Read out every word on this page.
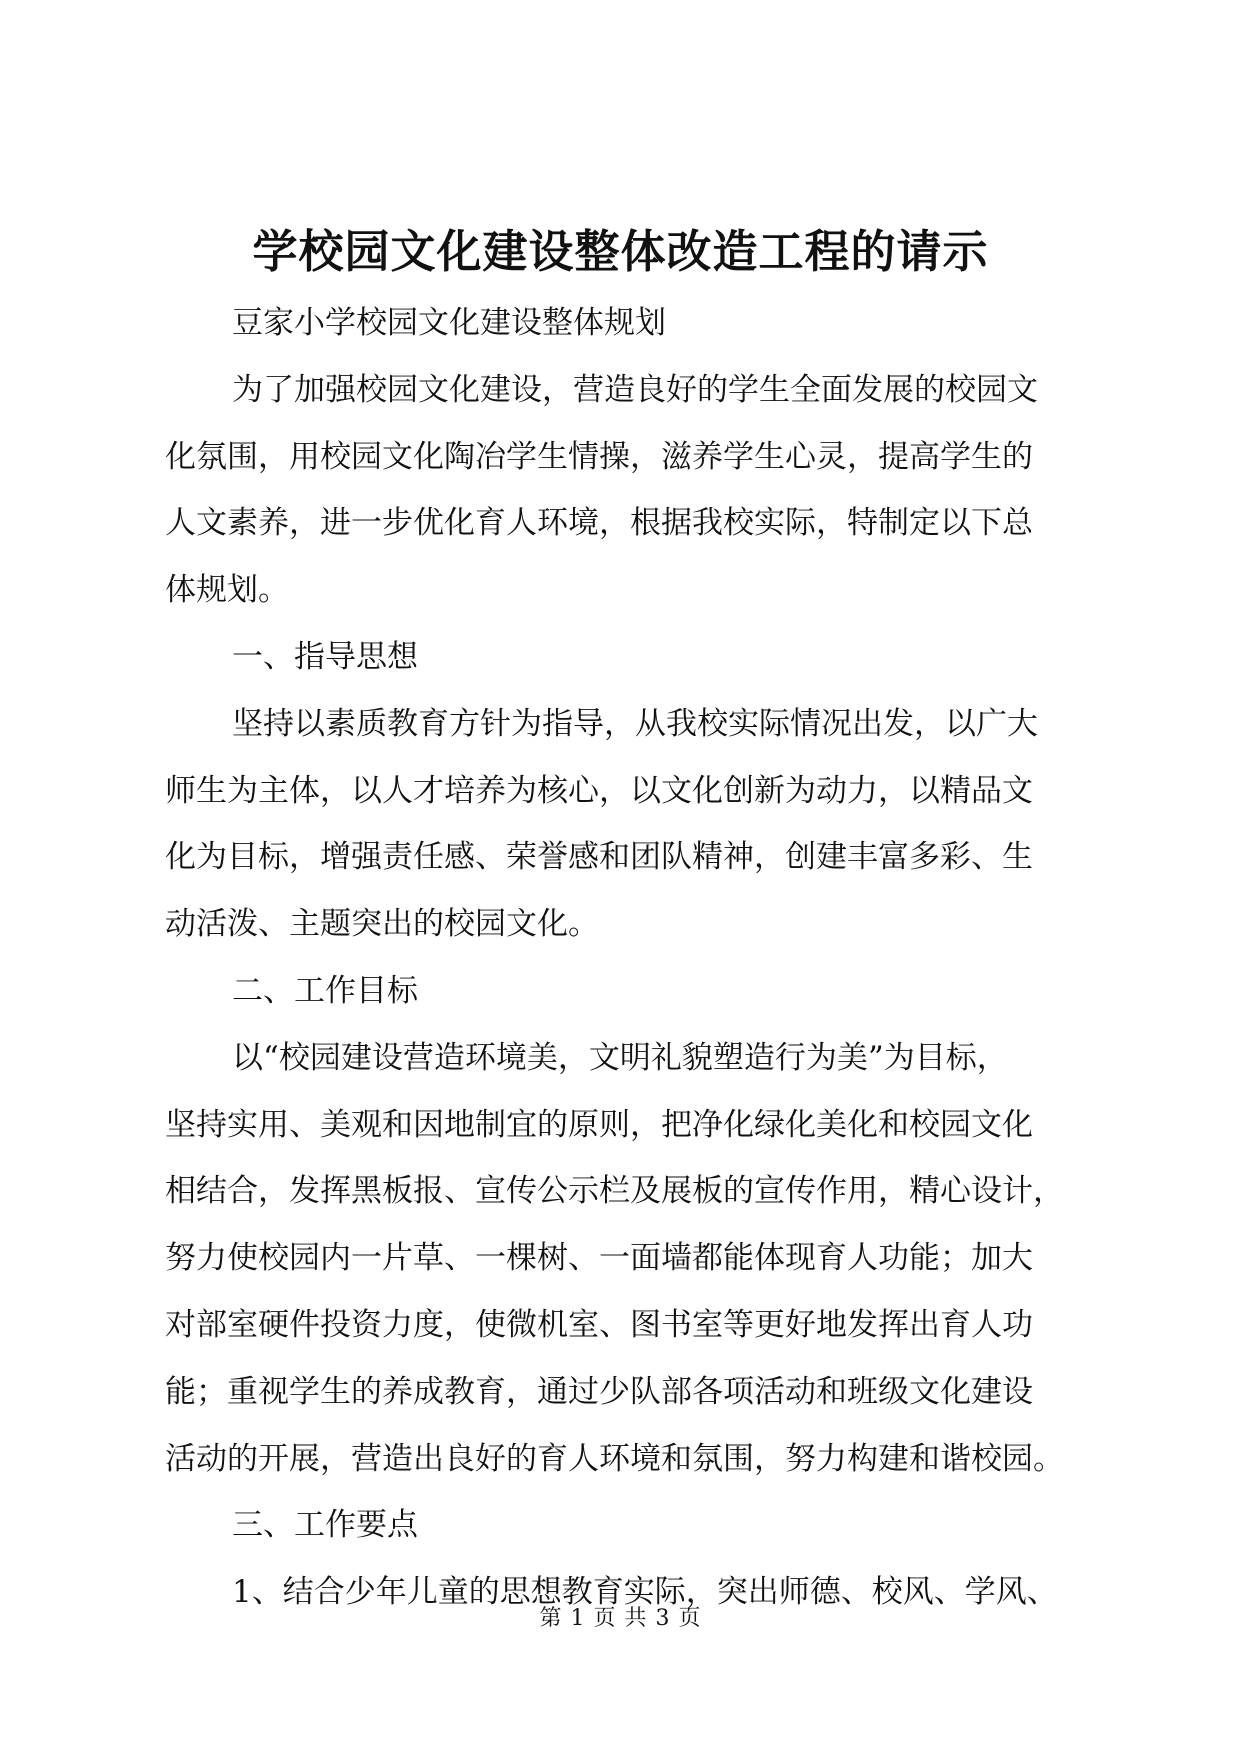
学校园文化建设整体改造工程的请示
豆家小学校园文化建设整体规划
为了加强校园文化建设，营造良好的学生全面发展的校园文
化氛围，用校园文化陶冶学生情操，滋养学生心灵，提高学生的
人文素养，进一步优化育人环境，根据我校实际，特制定以下总
体规划。
一、指导思想
坚持以素质教育方针为指导，从我校实际情况出发，以广大
师生为主体，以人才培养为核心，以文化创新为动力，以精品文
化为目标，增强责任感、荣誉感和团队精神，创建丰富多彩、生
动活泼、主题突出的校园文化。
二、工作目标
以“校园建设营造环境美，文明礼貌塑造行为美”为目标，
坚持实用、美观和因地制宜的原则，把净化绿化美化和校园文化
相结合，发挥黑板报、宣传公示栏及展板的宣传作用，精心设计，
努力使校园内一片草、一棵树、一面墙都能体现育人功能；加大
对部室硬件投资力度，使微机室、图书室等更好地发挥出育人功
能；重视学生的养成教育，通过少队部各项活动和班级文化建设
活动的开展，营造出良好的育人环境和氛围，努力构建和谐校园。
三、工作要点
1、结合少年儿童的思想教育实际，突出师德、校风、学风、
第 1 页 共 3 页
